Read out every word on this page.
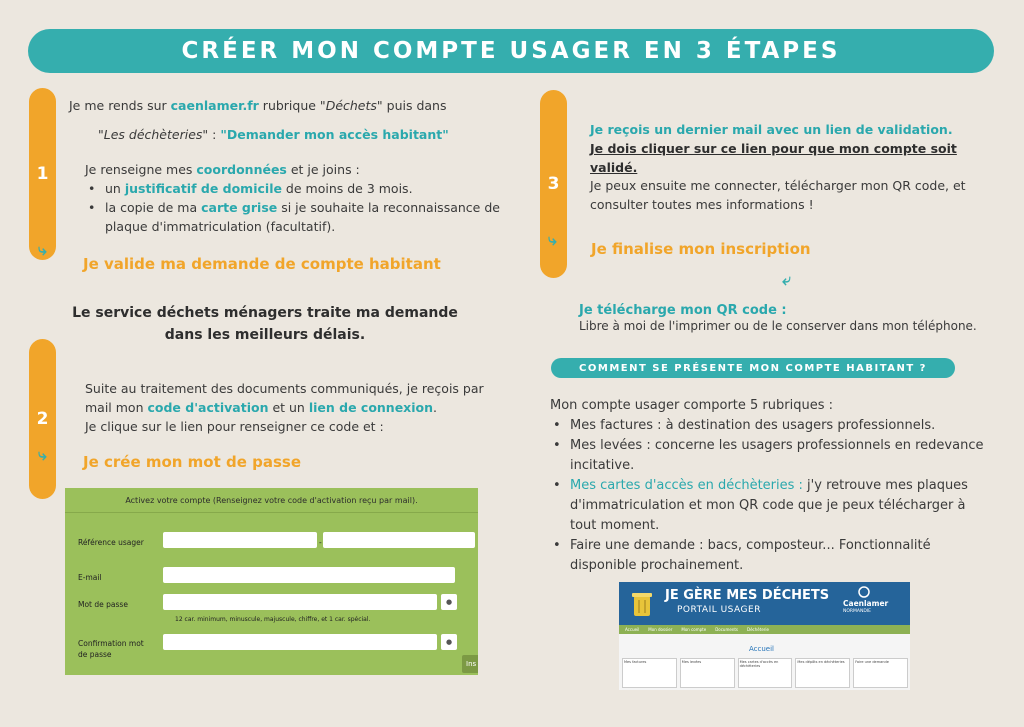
CRÉER MON COMPTE USAGER EN 3 ÉTAPES
1
Je me rends sur caenlamer.fr rubrique "Déchets" puis dans
"Les déchèteries" : "Demander mon accès habitant"
Je renseigne mes coordonnées et je joins :
• un justificatif de domicile de moins de 3 mois.
• la copie de ma carte grise si je souhaite la reconnaissance de plaque d'immatriculation (facultatif).
⤷
Je valide ma demande de compte habitant
Le service déchets ménagers traite ma demande dans les meilleurs délais.
2
Suite au traitement des documents communiqués, je reçois par mail mon code d'activation et un lien de connexion.
Je clique sur le lien pour renseigner ce code et :
⤷ Je crée mon mot de passe
Activez votre compte (Renseignez votre code d'activation reçu par mail).
Référence usager	-
E-mail
Mot de passe	●
12 car. minimum, minuscule, majuscule, chiffre, et 1 car. spécial.
Confirmation mot de passe
●
Ins
3
Je reçois un dernier mail avec un lien de validation.
Je dois cliquer sur ce lien pour que mon compte soit validé.
Je peux ensuite me connecter, télécharger mon QR code, et consulter toutes mes informations !
⤷ Je finalise mon inscription
⤶
Je télécharge mon QR code :
Libre à moi de l'imprimer ou de le conserver dans mon téléphone.
COMMENT SE PRÉSENTE MON COMPTE HABITANT ?
Mon compte usager comporte 5 rubriques :
• Mes factures : à destination des usagers professionnels.
• Mes levées : concerne les usagers professionnels en redevance incitative.
• Mes cartes d'accès en déchèteries : j'y retrouve mes plaques d'immatriculation et mon QR code que je peux télécharger à tout moment.
• Faire une demande : bacs, composteur... Fonctionnalité disponible prochainement.
JE GÈRE MES DÉCHETS
PORTAIL USAGER
Caenlamer
NORMANDIE
Accueil Mon dossier Mon compte Documents Déchèterie
Accueil
Mes factures	Mes levées	Mes cartes d'accès en déchèteries
Mes dépôts en déchèteries	Faire une demande
